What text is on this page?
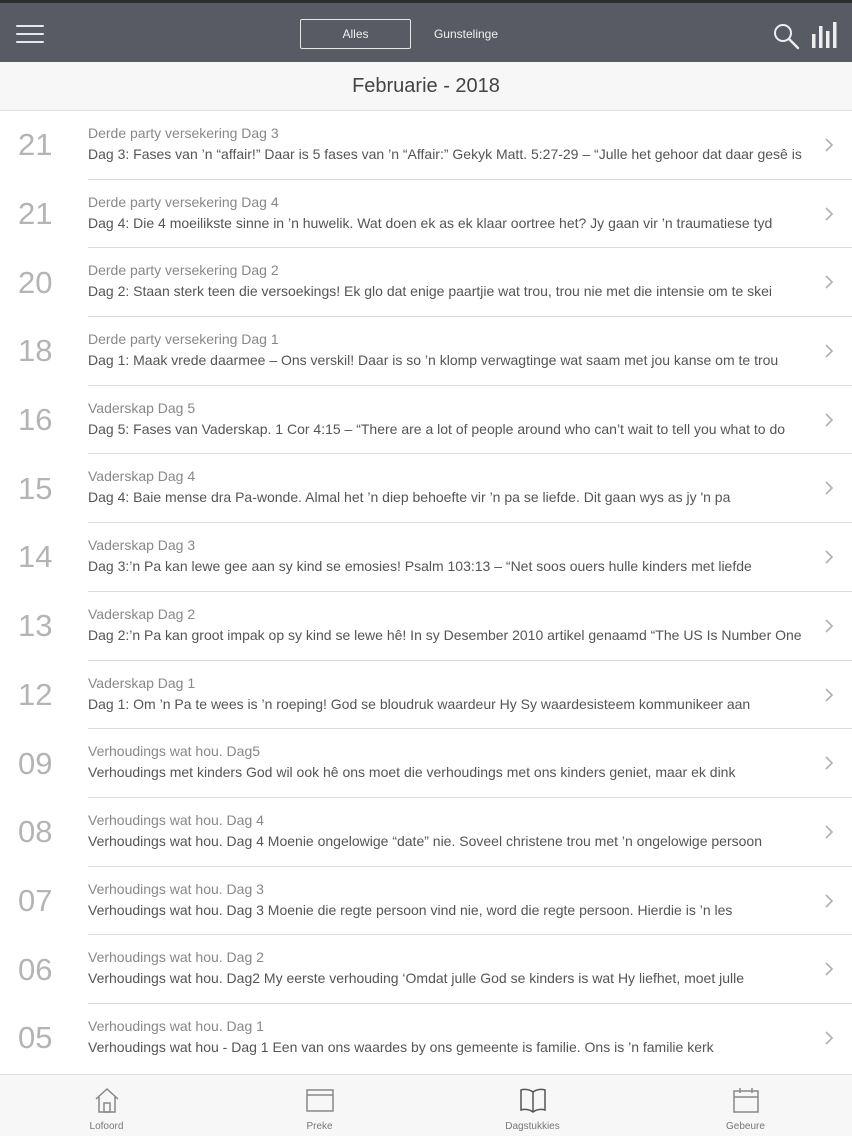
Alles	Gunstelinge
Februarie - 2018
21	Derde party versekering Dag 3
Dag 3: Fases van ’n “affair!” Daar is 5 fases van ’n “Affair:” Gekyk Matt. 5:27-29 – “Julle het gehoor dat daar gesê is
21	Derde party versekering Dag 4
Dag 4: Die 4 moeilikste sinne in ’n huwelik. Wat doen ek as ek klaar oortree het? Jy gaan vir ’n traumatiese tyd
20	Derde party versekering Dag 2
Dag 2: Staan sterk teen die versoekings! Ek glo dat enige paartjie wat trou, trou nie met die intensie om te skei
18	Derde party versekering Dag 1
Dag 1: Maak vrede daarmee – Ons verskil! Daar is so ’n klomp verwagtinge wat saam met jou kanse om te trou
16	Vaderskap Dag 5
Dag 5: Fases van Vaderskap. 1 Cor 4:15 – “There are a lot of people around who can’t wait to tell you what to do
15	Vaderskap Dag 4
Dag 4: Baie mense dra Pa-wonde. Almal het ’n diep behoefte vir ’n pa se liefde. Dit gaan wys as jy 'n pa
14	Vaderskap Dag 3
Dag 3:’n Pa kan lewe gee aan sy kind se emosies! Psalm 103:13 – “Net soos ouers hulle kinders met liefde
13	Vaderskap Dag 2
Dag 2:’n Pa kan groot impak op sy kind se lewe hê! In sy Desember 2010 artikel genaamd “The US Is Number One
12	Vaderskap Dag 1
Dag 1: Om ’n Pa te wees is ’n roeping! God se bloudruk waardeur Hy Sy waardesisteem kommunikeer aan
09	Verhoudings wat hou. Dag5
Verhoudings met kinders God wil ook hê ons moet die verhoudings met ons kinders geniet, maar ek dink
08	Verhoudings wat hou. Dag 4
Verhoudings wat hou. Dag 4 Moenie ongelowige “date” nie. Soveel christene trou met ’n ongelowige persoon
07	Verhoudings wat hou. Dag 3
Verhoudings wat hou. Dag 3 Moenie die regte persoon vind nie, word die regte persoon. Hierdie is ’n les
06	Verhoudings wat hou. Dag 2
Verhoudings wat hou. Dag2 My eerste verhouding ‘Omdat julle God se kinders is wat Hy liefhet, moet julle
05	Verhoudings wat hou. Dag 1
Verhoudings wat hou - Dag 1 Een van ons waardes by ons gemeente is familie. Ons is ’n familie kerk
Lofoord	Preke	Dagstukkies	Gebeure
